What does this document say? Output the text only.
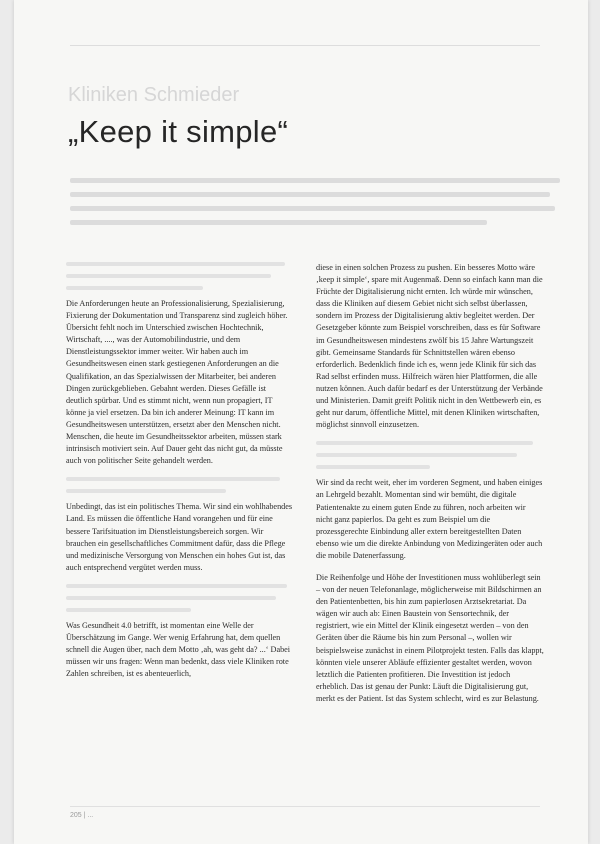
Kliniken Schmieder
„Keep it simple“

Die Anforderungen heute an Professionalisierung, Spezialisierung, Fixierung der Dokumentation und Transparenz sind zugleich höher. Übersicht fehlt noch im Unterschied zwischen Hochtechnik, Wirtschaft, ...., was der Automobilindustrie, und dem Dienstleistungssektor immer weiter. Wir haben auch im Gesundheitswesen einen stark gestiegenen Anforderungen an die Qualifikation, an das Spezialwissen der Mitarbeiter, bei anderen Dingen zurückgeblieben. Gebahnt werden. Dieses Gefälle ist deutlich spürbar. Und es stimmt nicht, wenn nun propagiert, IT könne ja viel ersetzen. Da bin ich anderer Meinung: IT kann im Gesundheitswesen unterstützen, ersetzt aber den Menschen nicht. Menschen, die heute im Gesundheitssektor arbeiten, müssen stark intrinsisch motiviert sein. Auf Dauer geht das nicht gut, da müsste auch von politischer Seite gehandelt werden.

Unbedingt, das ist ein politisches Thema. Wir sind ein wohlhabendes Land. Es müssen die öffentliche Hand vorangehen und für eine bessere Tarifsituation im Dienstleistungsbereich sorgen. Wir brauchen ein gesellschaftliches Commitment dafür, dass die Pflege und medizinische Versorgung von Menschen ein hohes Gut ist, das auch entsprechend vergütet werden muss.

Was Gesundheit 4.0 betrifft, ist momentan eine Welle der Überschätzung im Gange. Wer wenig Erfahrung hat, dem quellen schnell die Augen über, nach dem Motto ‚ah, was geht da? ...‘ Dabei müssen wir uns fragen: Wenn man bedenkt, dass viele Kliniken rote Zahlen schreiben, ist es abenteuerlich,

diese in einen solchen Prozess zu pushen. Ein besseres Motto wäre ‚keep it simple‘, spare mit Augenmaß. Denn so einfach kann man die Früchte der Digitalisierung nicht ernten. Ich würde mir wünschen, dass die Kliniken auf diesem Gebiet nicht sich selbst überlassen, sondern im Prozess der Digitalisierung aktiv begleitet werden. Der Gesetzgeber könnte zum Beispiel vorschreiben, dass es für Software im Gesundheitswesen mindestens zwölf bis 15 Jahre Wartungszeit gibt. Gemeinsame Standards für Schnittstellen wären ebenso erforderlich. Bedenklich finde ich es, wenn jede Klinik für sich das Rad selbst erfinden muss. Hilfreich wären hier Plattformen, die alle nutzen können. Auch dafür bedarf es der Unterstützung der Verbände und Ministerien. Damit greift Politik nicht in den Wettbewerb ein, es geht nur darum, öffentliche Mittel, mit denen Kliniken wirtschaften, möglichst sinnvoll einzusetzen.

Wir sind da recht weit, eher im vorderen Segment, und haben einiges an Lehrgeld bezahlt. Momentan sind wir bemüht, die digitale Patientenakte zu einem guten Ende zu führen, noch arbeiten wir nicht ganz papierlos. Da geht es zum Beispiel um die prozessgerechte Einbindung aller extern bereitgestellten Daten ebenso wie um die direkte Anbindung von Medizingeräten oder auch die mobile Datenerfassung.

Die Reihenfolge und Höhe der Investitionen muss wohlüberlegt sein – von der neuen Telefonanlage, möglicherweise mit Bildschirmen an den Patientenbetten, bis hin zum papierlosen Arztsekretariat. Da wägen wir auch ab: Einen Baustein von Sensortechnik, der registriert, wie ein Mittel der Klinik eingesetzt werden – von den Geräten über die Räume bis hin zum Personal –, wollen wir beispielsweise zunächst in einem Pilotprojekt testen. Falls das klappt, könnten viele unserer Abläufe effizienter gestaltet werden, wovon letztlich die Patienten profitieren. Die Investition ist jedoch erheblich. Das ist genau der Punkt: Läuft die Digitalisierung gut, merkt es der Patient. Ist das System schlecht, wird es zur Belastung.

205 | ...
